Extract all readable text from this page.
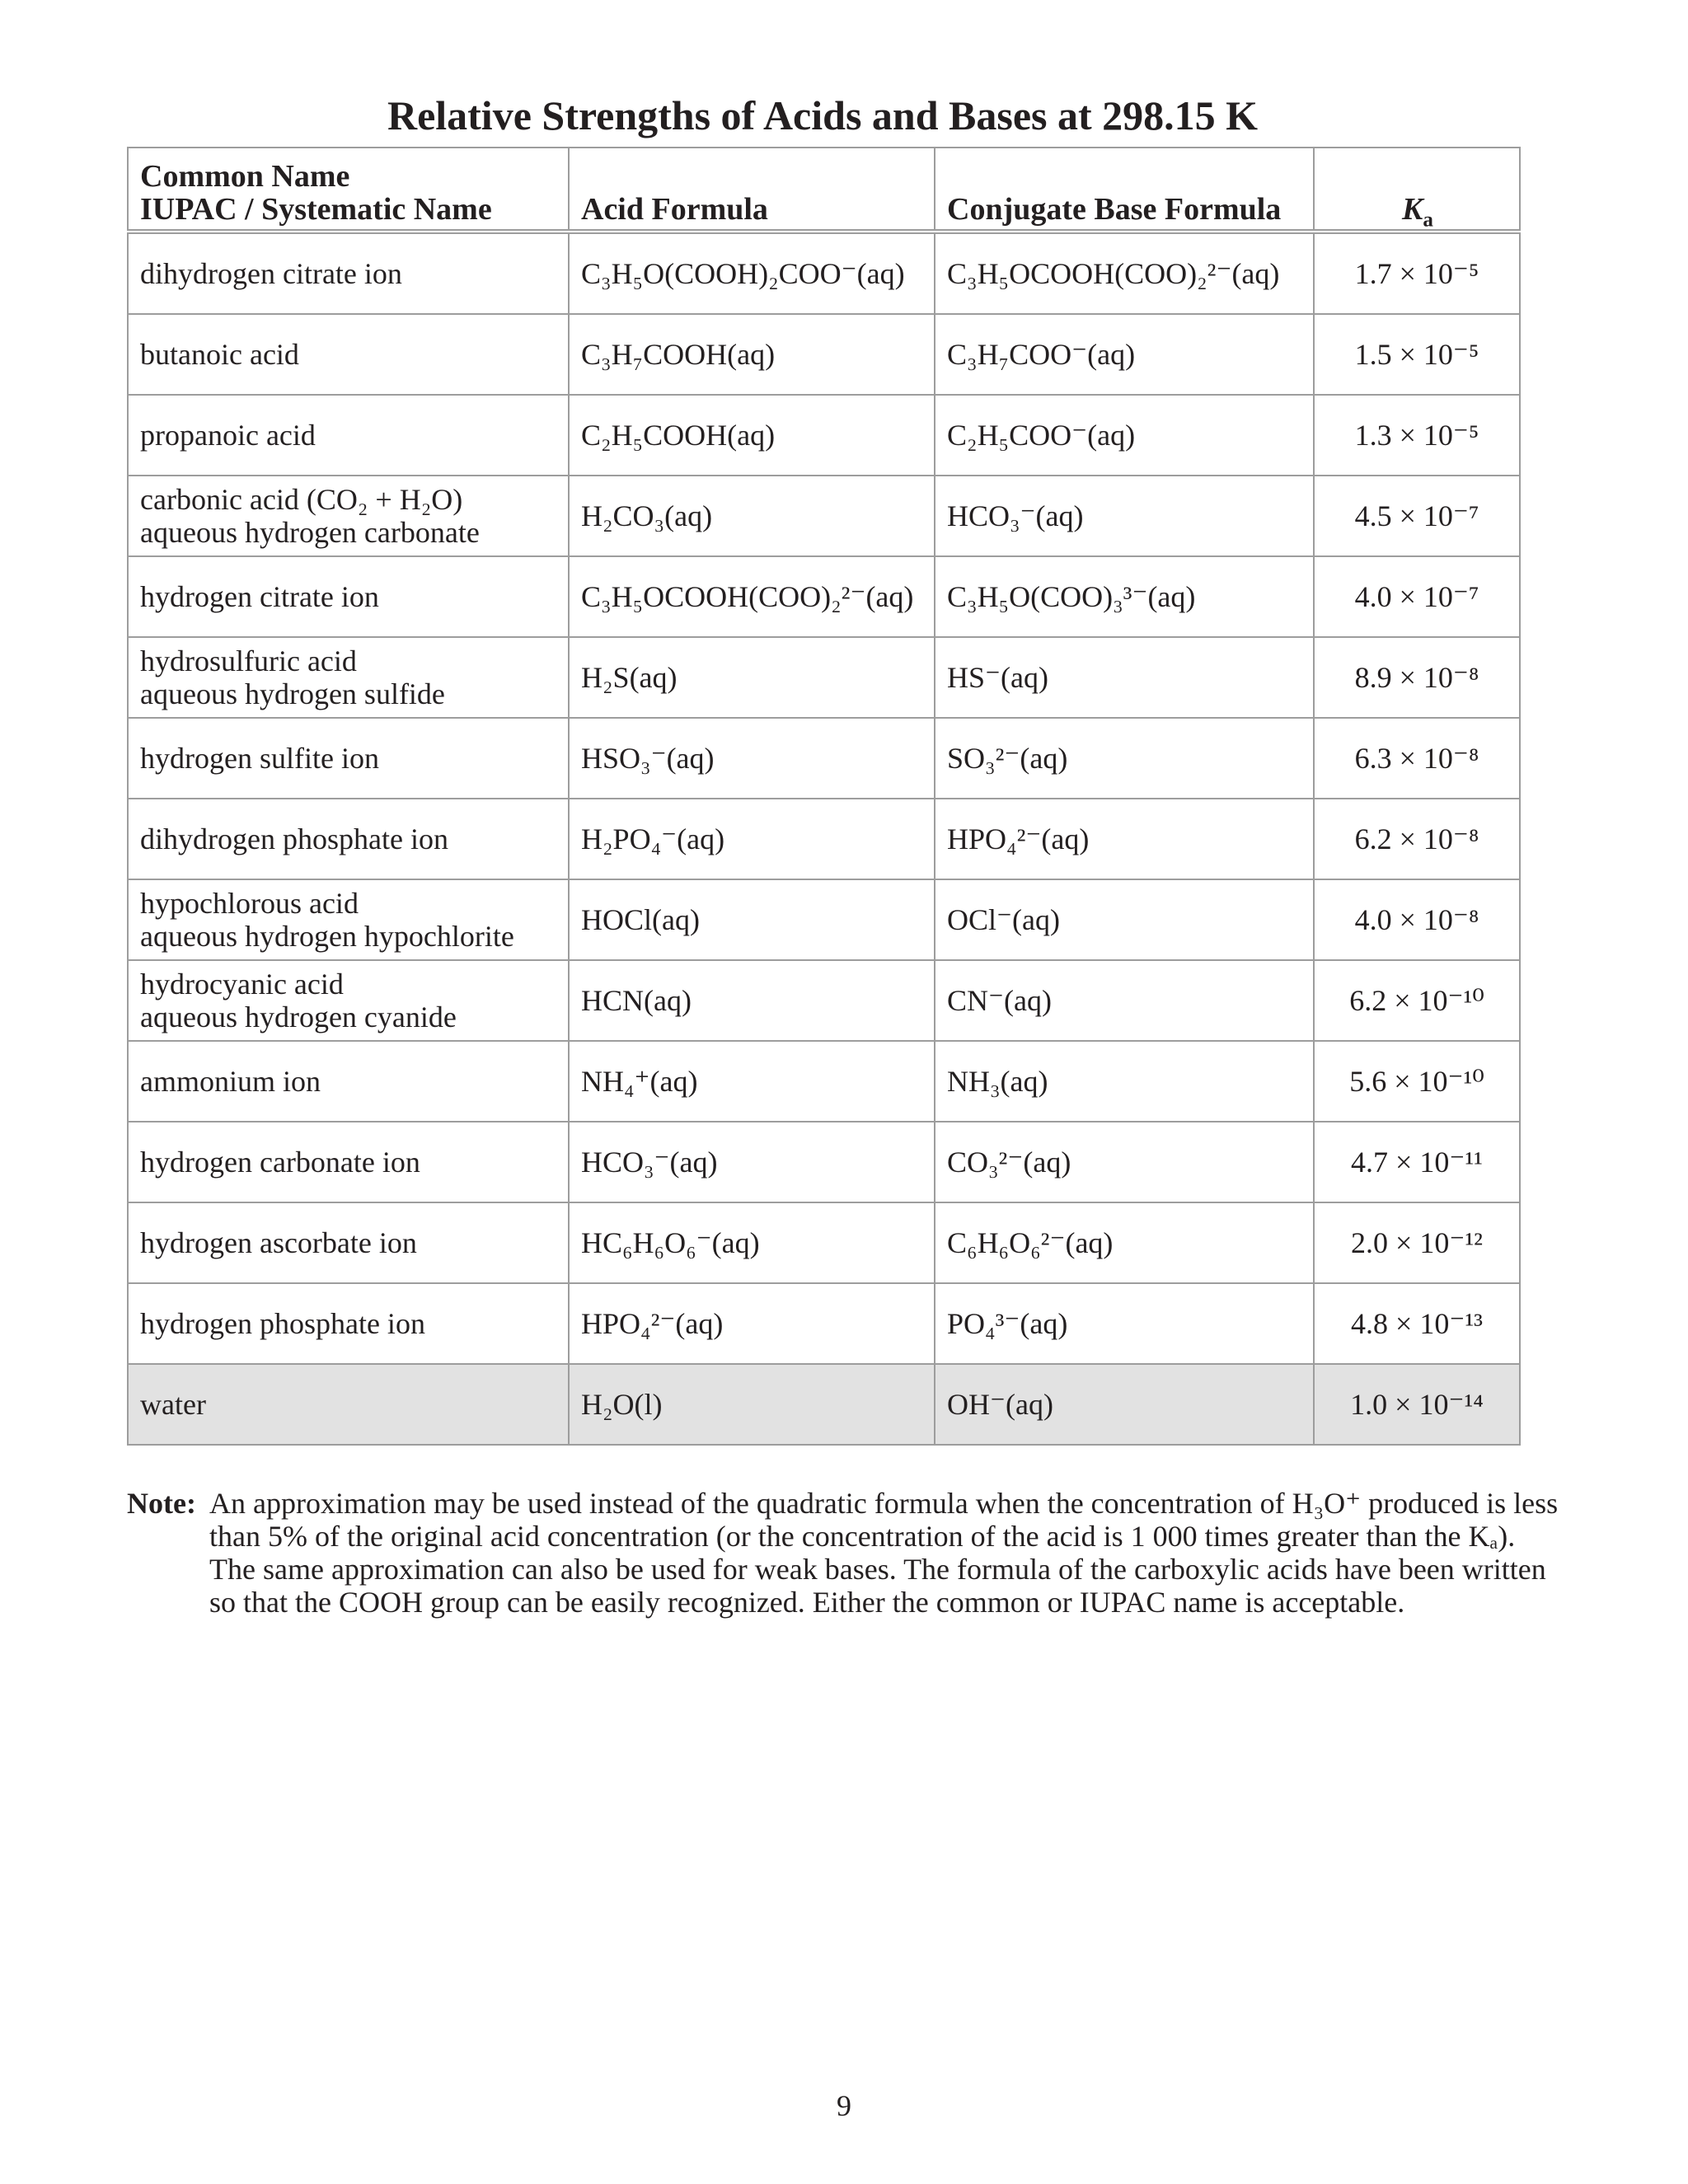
Relative Strengths of Acids and Bases at 298.15 K
Common Name
IUPAC / Systematic Name	Acid Formula	Conjugate Base Formula	$K_a$

dihydrogen citrate ion	C₃H₅O(COOH)₂COO⁻(aq)	C₃H₅OCOOH(COO)₂²⁻(aq)	1.7 × 10⁻⁵

butanoic acid	C₃H₇COOH(aq)	C₃H₇COO⁻(aq)	1.5 × 10⁻⁵

propanoic acid	C₂H₅COOH(aq)	C₂H₅COO⁻(aq)	1.3 × 10⁻⁵

carbonic acid (CO₂ + H₂O)
aqueous hydrogen carbonate	H₂CO₃(aq)	HCO₃⁻(aq)	4.5 × 10⁻⁷

hydrogen citrate ion	C₃H₅OCOOH(COO)₂²⁻(aq)	C₃H₅O(COO)₃³⁻(aq)	4.0 × 10⁻⁷

hydrosulfuric acid
aqueous hydrogen sulfide	H₂S(aq)	HS⁻(aq)	8.9 × 10⁻⁸

hydrogen sulfite ion	HSO₃⁻(aq)	SO₃²⁻(aq)	6.3 × 10⁻⁸

dihydrogen phosphate ion	H₂PO₄⁻(aq)	HPO₄²⁻(aq)	6.2 × 10⁻⁸

hypochlorous acid
aqueous hydrogen hypochlorite	HOCl(aq)	OCl⁻(aq)	4.0 × 10⁻⁸

hydrocyanic acid
aqueous hydrogen cyanide	HCN(aq)	CN⁻(aq)	6.2 × 10⁻¹⁰

ammonium ion	NH₄⁺(aq)	NH₃(aq)	5.6 × 10⁻¹⁰

hydrogen carbonate ion	HCO₃⁻(aq)	CO₃²⁻(aq)	4.7 × 10⁻¹¹

hydrogen ascorbate ion	HC₆H₆O₆⁻(aq)	C₆H₆O₆²⁻(aq)	2.0 × 10⁻¹²

hydrogen phosphate ion	HPO₄²⁻(aq)	PO₄³⁻(aq)	4.8 × 10⁻¹³

water	H₂O(l)	OH⁻(aq)	1.0 × 10⁻¹⁴
Note: An approximation may be used instead of the quadratic formula when the concentration of H₃O⁺ produced is less than 5% of the original acid concentration (or the concentration of the acid is 1 000 times greater than the Kₐ). The same approximation can also be used for weak bases. The formula of the carboxylic acids have been written so that the COOH group can be easily recognized. Either the common or IUPAC name is acceptable.
9
